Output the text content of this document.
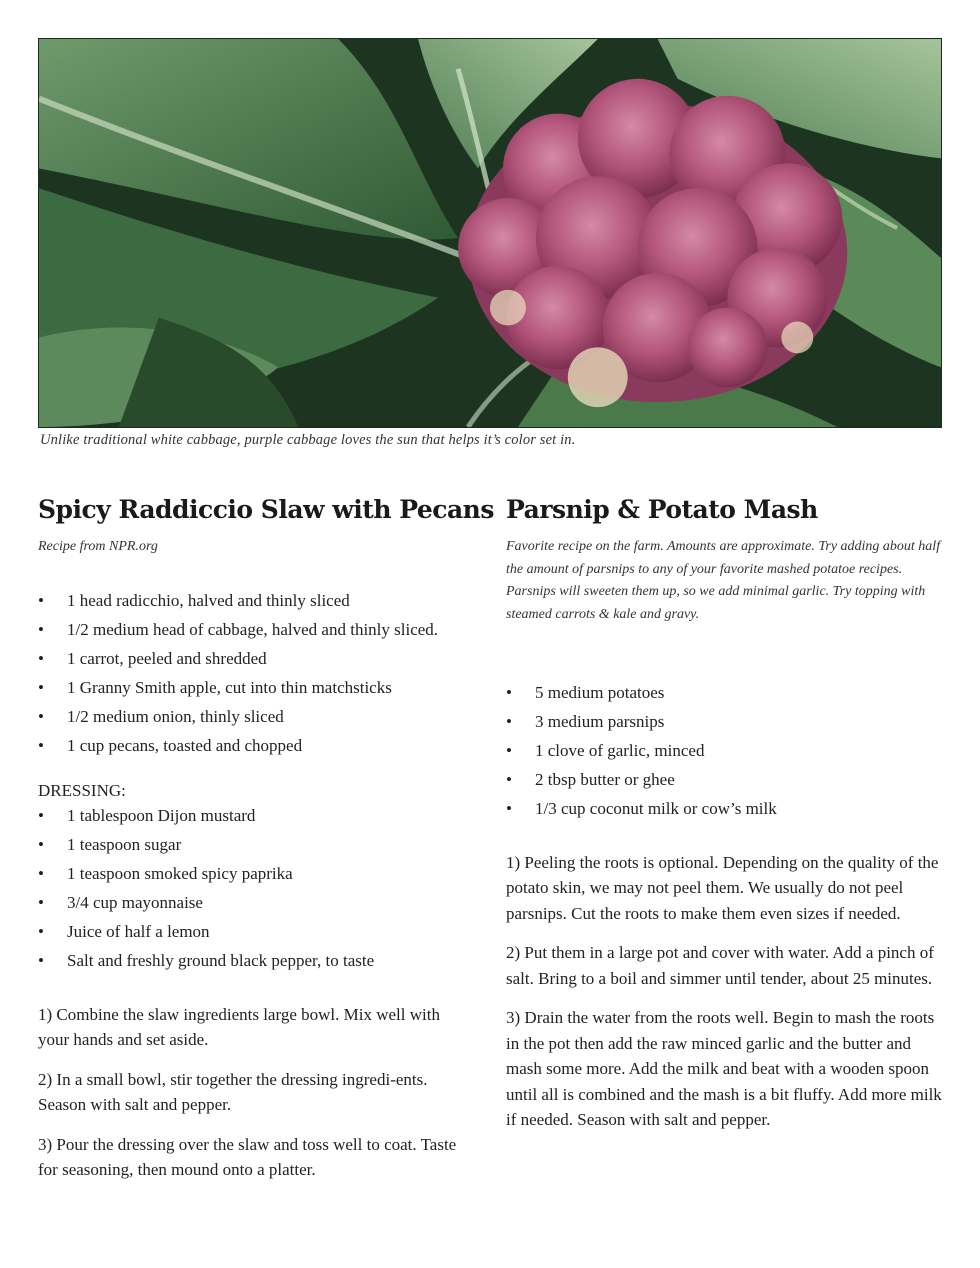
Unlike traditional white cabbage, purple cabbage loves the sun that helps it’s color set in.
Spicy Raddiccio Slaw with Pecans
Recipe from NPR.org
• 1 head radicchio, halved and thinly sliced
• 1/2 medium head of cabbage, halved and thinly sliced.
• 1 carrot, peeled and shredded
• 1 Granny Smith apple, cut into thin matchsticks
• 1/2 medium onion, thinly sliced
• 1 cup pecans, toasted and chopped
DRESSING:
• 1 tablespoon Dijon mustard
• 1 teaspoon sugar
• 1 teaspoon smoked spicy paprika
• 3/4 cup mayonnaise
• Juice of half a lemon
• Salt and freshly ground black pepper, to taste

1) Combine the slaw ingredients large bowl. Mix well with your hands and set aside.

2) In a small bowl, stir together the dressing ingredi-ents. Season with salt and pepper.

3) Pour the dressing over the slaw and toss well to coat. Taste for seasoning, then mound onto a platter.

Parsnip & Potato Mash
Favorite recipe on the farm. Amounts are approximate. Try adding about half the amount of parsnips to any of your favorite mashed potatoe recipes. Parsnips will sweeten them up, so we add minimal garlic. Try topping with steamed carrots & kale and gravy.
• 5 medium potatoes
• 3 medium parsnips
• 1 clove of garlic, minced
• 2 tbsp butter or ghee
• 1/3 cup coconut milk or cow’s milk

1) Peeling the roots is optional. Depending on the quality of the potato skin, we may not peel them. We usually do not peel parsnips. Cut the roots to make them even sizes if needed.

2) Put them in a large pot and cover with water. Add a pinch of salt. Bring to a boil and simmer until tender, about 25 minutes.

3) Drain the water from the roots well. Begin to mash the roots in the pot then add the raw minced garlic and the butter and mash some more. Add the milk and beat with a wooden spoon until all is combined and the mash is a bit fluffy. Add more milk if needed. Season with salt and pepper.
